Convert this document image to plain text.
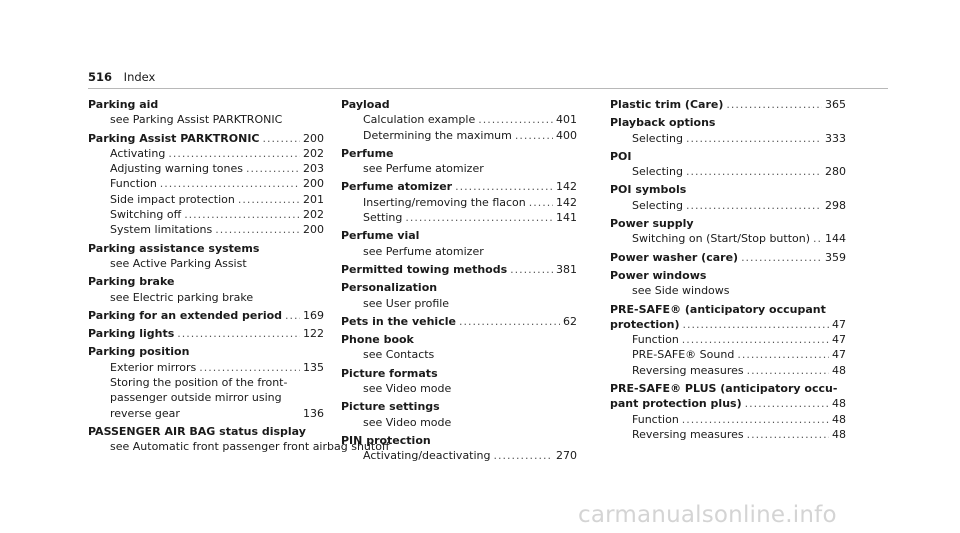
516 Index
Parking aid
see Parking Assist PARKTRONIC
Parking Assist PARKTRONIC .....	200
Activating .....	202
Adjusting warning tones .....	203
Function .....	200
Side impact protection .....	201
Switching off .....	202
System limitations .....	200
Parking assistance systems
see Active Parking Assist
Parking brake
see Electric parking brake
Parking for an extended period ..... 169
Parking lights .....	122
Parking position
Exterior mirrors .....	135
Storing the position of the front-passenger outside mirror using reverse gear	136
PASSENGER AIR BAG status display
see Automatic front passenger front airbag shutoff
Payload
Calculation example .....	401
Determining the maximum .....	400
Perfume
see Perfume atomizer
Perfume atomizer .....	142
Inserting/removing the flacon .....	142
Setting .....	141
Perfume vial
see Perfume atomizer
Permitted towing methods .....	381
Personalization
see User profile
Pets in the vehicle .....	62
Phone book
see Contacts
Picture formats
see Video mode
Picture settings
see Video mode
PIN protection
Activating/deactivating .....	270
Plastic trim (Care) .....	365
Playback options
Selecting .....	333
POI
Selecting .....	280
POI symbols
Selecting .....	298
Power supply
Switching on (Start/Stop button) ..... 144
Power washer (care) .....	359
Power windows
see Side windows
PRE-SAFE® (anticipatory occupant
protection) .....	47
Function .....	47
PRE-SAFE® Sound .....	47
Reversing measures .....	48
PRE-SAFE® PLUS (anticipatory occu-
pant protection plus) .....	48
Function .....	48
Reversing measures .....	48
carmanualsonline.info
